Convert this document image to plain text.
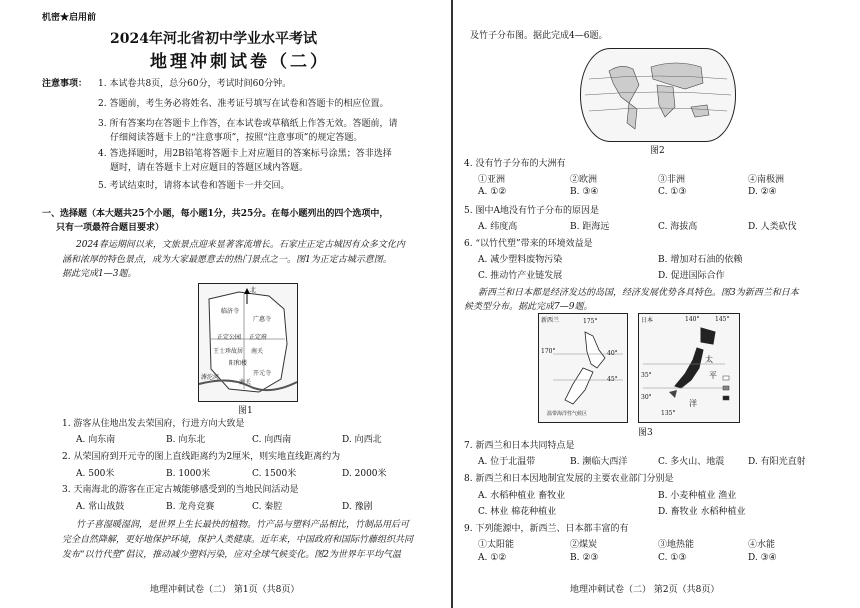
机密★启用前
2024年河北省初中学业水平考试
地理冲刺试卷（二）
注意事项： 1. 本试卷共8页，总分60分，考试时间60分钟。
2. 答题前，考生务必将姓名、准考证号填写在试卷和答题卡的相应位置。
3. 所有答案均在答题卡上作答，在本试卷或草稿纸上作答无效。答题前，请
仔细阅读答题卡上的“注意事项”，按照“注意事项”的规定答题。
4. 答选择题时，用2B铅笔将答题卡上对应题目的答案标号涂黑；答非选择
题时，请在答题卡上对应题目的答题区域内答题。
5. 考试结束时，请将本试卷和答题卡一并交回。
一、选择题（本大题共25个小题，每小题1分，共25分。在每小题列出的四个选项中，
只有一项最符合题目要求）
2024春运期间以来，文旅景点迎来显著客流增长。石家庄正定古城因有众多文化内
涵和浓厚的特色景点，成为大家最愿意去的热门景点之一。图1为正定古城示意图。
据此完成1—3题。
北
临济寺
广惠寺
正定公园 正定府
王士珍故居 南关
阳和楼
开元寺
南关
滹沱河
图1
1. 游客从住地出发去荣国府，行进方向大致是
A. 向东南	B. 向东北	C. 向西南	D. 向西北
2. 从荣国府到开元寺的图上直线距离约为2厘米，则实地直线距离约为
A. 500米	B. 1000米	C. 1500米	D. 2000米
3. 天南海北的游客在正定古城能够感受到的当地民间活动是
A. 常山战鼓	B. 龙舟竞赛	C. 秦腔	D. 豫剧
竹子喜湿暖湿润，是世界上生长最快的植物。竹产品与塑料产品相比，竹制品用后可
完全自然降解，更好地保护环境，保护人类健康。近年来，中国政府和国际竹藤组织共同
发布“以竹代塑”倡议，推动减少塑料污染，应对全球气候变化。图2为世界年平均气温
地理冲刺试卷（二） 第1页（共8页）
及竹子分布图。据此完成4—6题。
图2
4. 没有竹子分布的大洲有
①亚洲	②欧洲	③非洲	④南极洲
A. ①②	B. ③④	C. ①③	D. ②④
5. 图中A地没有竹子分布的原因是
A. 纬度高	B. 距海远	C. 海拔高	D. 人类砍伐
6. “以竹代塑”带来的环境效益是
A. 减少塑料废物污染	B. 增加对石油的依赖
C. 推动竹产业链发展	D. 促进国际合作
新西兰和日本都是经济发达的岛国，经济发展优势各具特色。图3为新西兰和日本
候类型分布。据此完成7—9题。
新西兰	175°
170°	40°
45°
温带海洋性气候区
日本	140°	145°
太
平
洋
35°
30°
135°
图3
7. 新西兰和日本共同特点是
A. 位于北温带	B. 濒临大西洋	C. 多火山、地震	D. 有阳光直射
8. 新西兰和日本因地制宜发展的主要农业部门分别是
A. 水稻种植业 畜牧业	B. 小麦种植业 渔业
C. 林业 棉花种植业	D. 畜牧业 水稻种植业
9. 下列能源中，新西兰、日本都丰富的有
①太阳能	②煤炭	③地热能	④水能
A. ①②	B. ②③	C. ①③	D. ③④
地理冲刺试卷（二） 第2页（共8页）
